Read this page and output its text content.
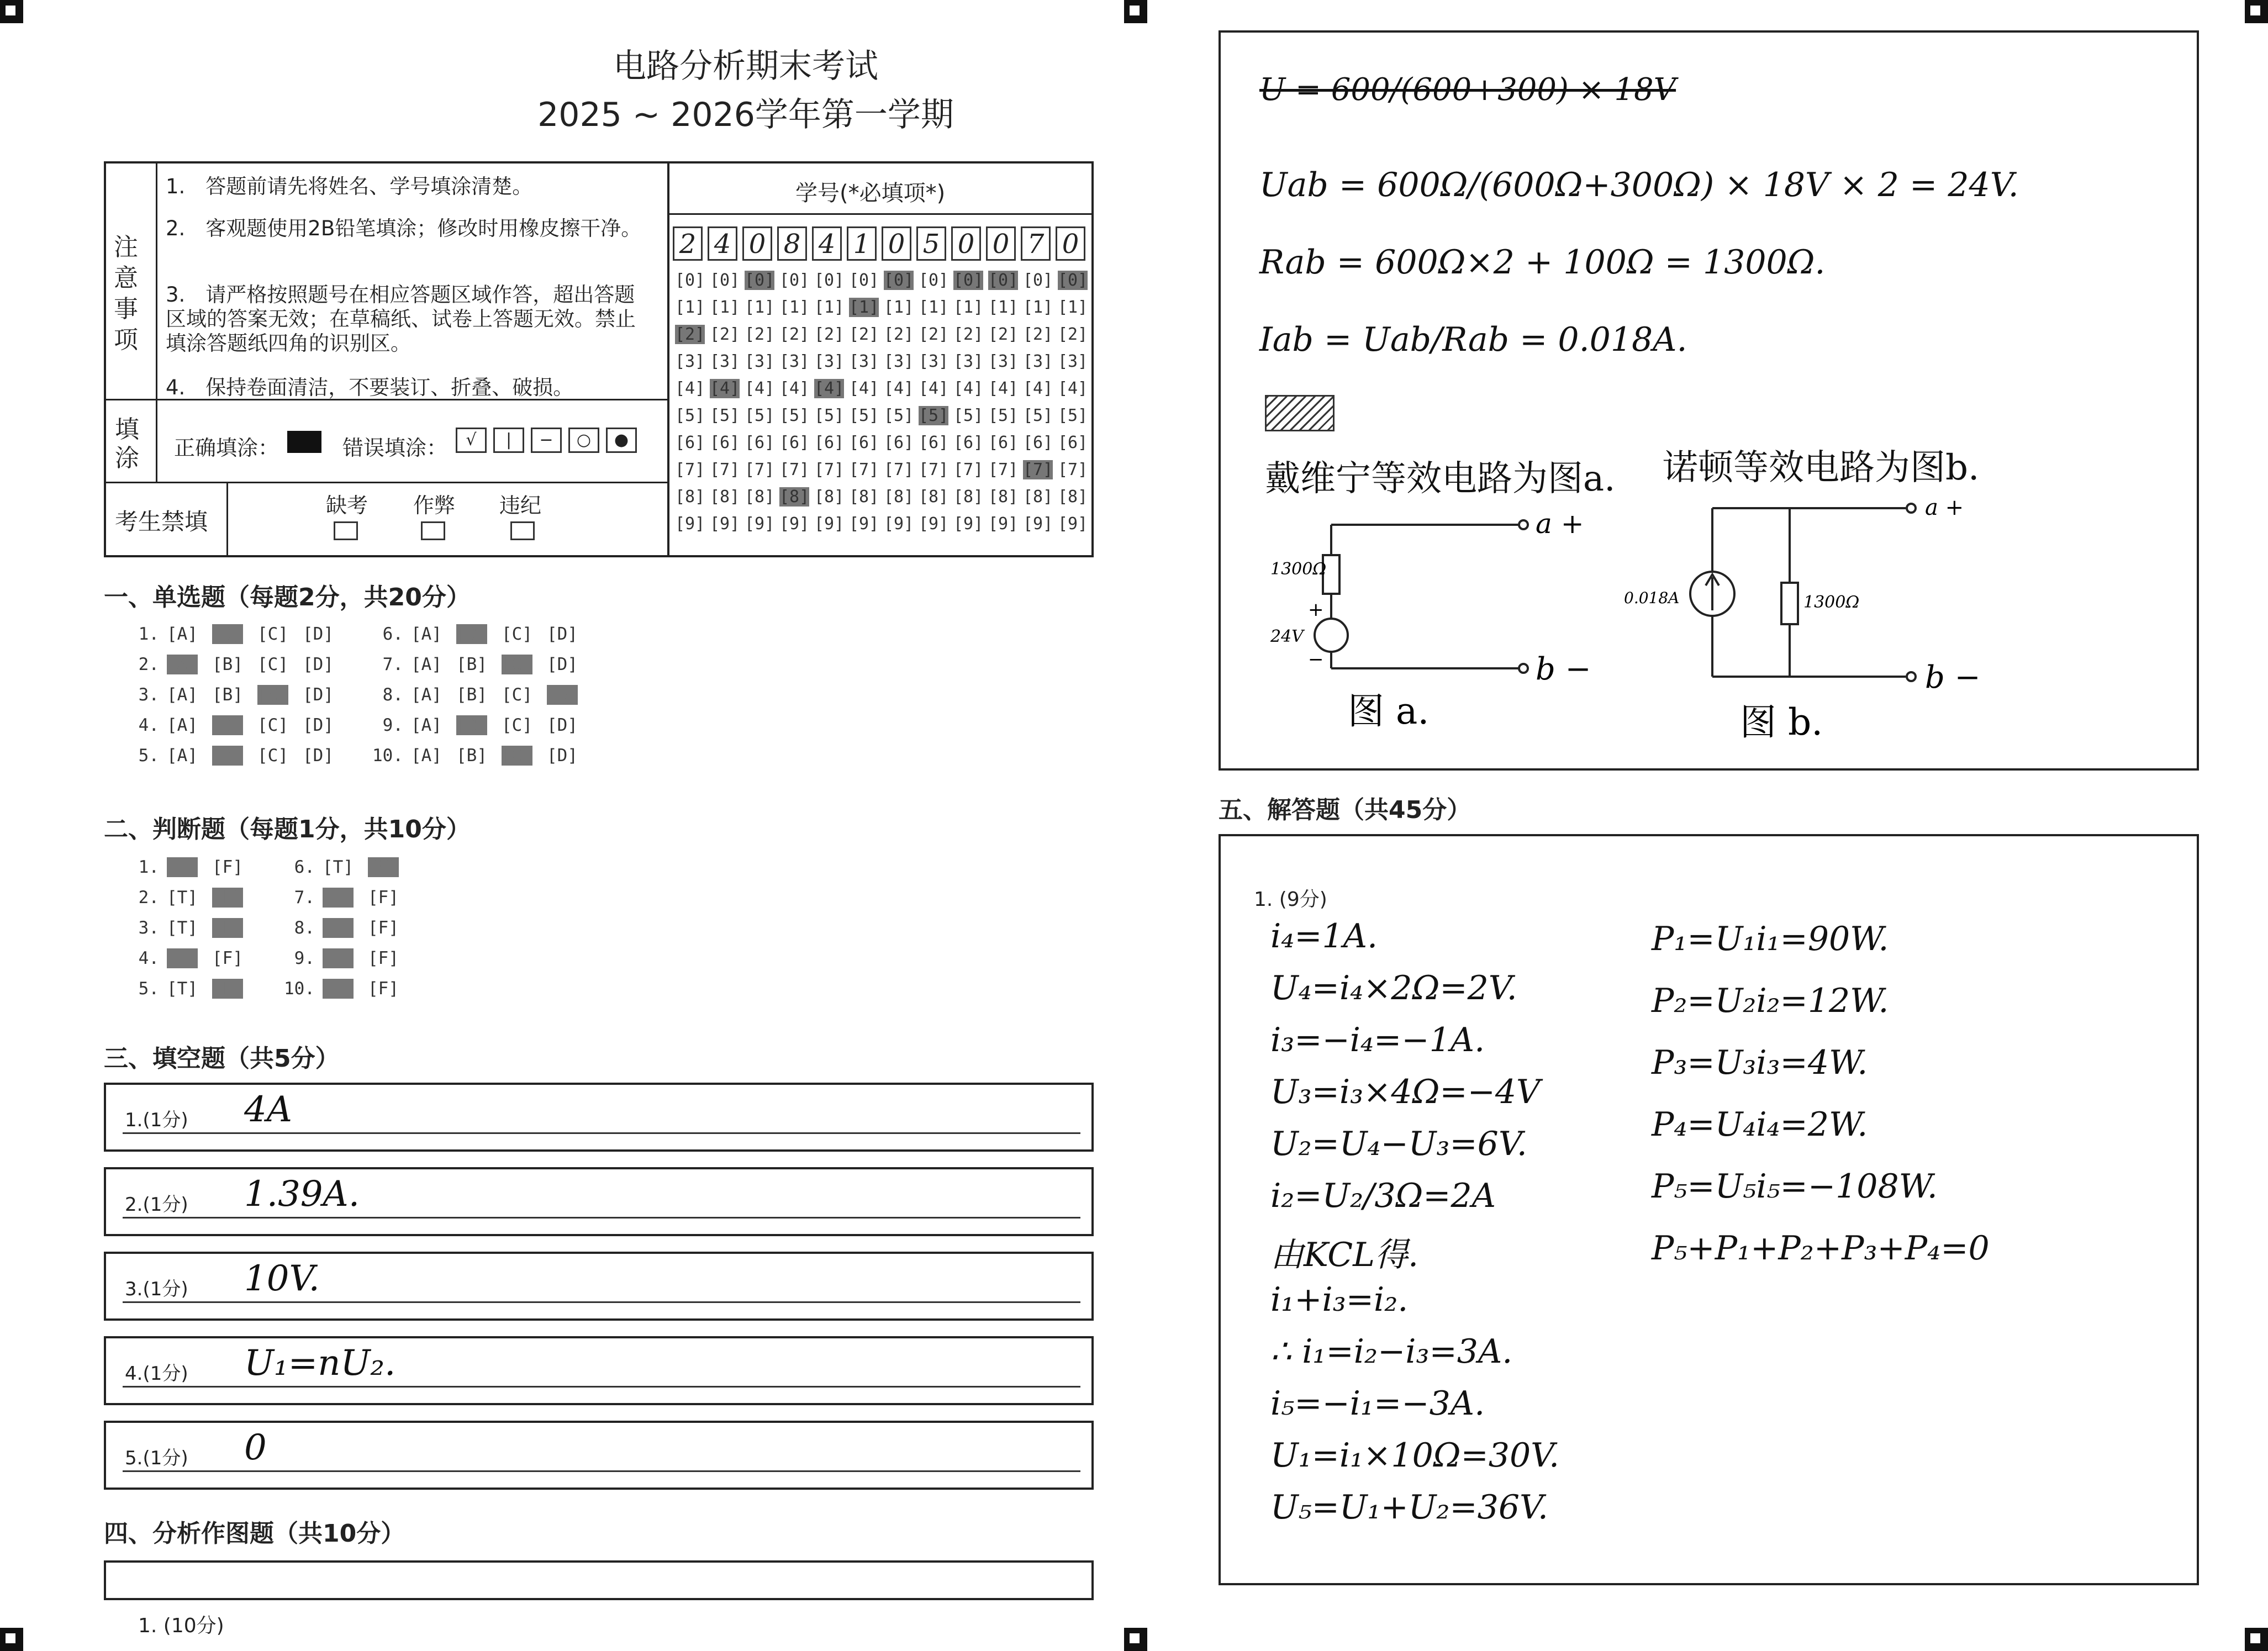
电路分析期末考试
2025 ~ 2026学年第一学期
注意事项
1.　答题前请先将姓名、学号填涂清楚。
2.　客观题使用2B铅笔填涂；修改时用橡皮擦干净。
3.　请严格按照题号在相应答题区域作答，超出答题区域的答案无效；在草稿纸、试卷上答题无效。禁止填涂答题纸四角的识别区。
4.　保持卷面清洁，不要装订、折叠、破损。
填涂 正确填涂：	错误填涂：	√ | − ○ ●
考生禁填
缺考 作弊 违纪
学号(*必填项*)
2 4 0 8 4 1 0 5 0 0 7 0
[0] [0] [0] [0] [0] [0] [0] [0] [0] [0] [0] [0]
[1] [1] [1] [1] [1] [1] [1] [1] [1] [1] [1] [1]
[2] [2] [2] [2] [2] [2] [2] [2] [2] [2] [2] [2]
[3] [3] [3] [3] [3] [3] [3] [3] [3] [3] [3] [3]
[4] [4] [4] [4] [4] [4] [4] [4] [4] [4] [4] [4]
[5] [5] [5] [5] [5] [5] [5] [5] [5] [5] [5] [5]
[6] [6] [6] [6] [6] [6] [6] [6] [6] [6] [6] [6]
[7] [7] [7] [7] [7] [7] [7] [7] [7] [7] [7] [7]
[8] [8] [8] [8] [8] [8] [8] [8] [8] [8] [8] [8]
[9] [9] [9] [9] [9] [9] [9] [9] [9] [9] [9] [9]
一、单选题（每题2分，共20分）
1. [A] [B] [C] [D]
2. [A] [B] [C] [D]
3. [A] [B] [C] [D]
4. [A] [B] [C] [D]
5. [A] [B] [C] [D]
6. [A] [B] [C] [D]
7. [A] [B] [C] [D]
8. [A] [B] [C] [D]
9. [A] [B] [C] [D]
10. [A] [B] [C] [D]
二、判断题（每题1分，共10分）
1. [T] [F]
2. [T] [F]
3. [T] [F]
4. [T] [F]
5. [T] [F]
6. [T] [F]
7. [T] [F]
8. [T] [F]
9. [T] [F]
10. [T] [F]
三、填空题（共5分）
1.(1分) 4A
2.(1分) 1.39A.
3.(1分) 10V.
4.(1分) U₁=nU₂.
5.(1分) 0
四、分析作图题（共10分）
1. (10分)
U = 600/(600+300) × 18V
Uab = 600Ω/(600Ω+300Ω) × 18V × 2 = 24V.
Rab = 600Ω×2 + 100Ω = 1300Ω.
Iab = Uab/Rab = 0.018A.
戴维宁等效电路为图a. 诺顿等效电路为图b.
a +
b −
1300Ω
+
24V
−
图 a.
a +
b −
0.018A	1300Ω
图 b.
五、解答题（共45分）
1. (9分)
i₄=1A.
U₄=i₄×2Ω=2V.
i₃=−i₄=−1A.
U₃=i₃×4Ω=−4V
U₂=U₄−U₃=6V.
i₂=U₂/3Ω=2A
由KCL得.
i₁+i₃=i₂.
∴ i₁=i₂−i₃=3A.
i₅=−i₁=−3A.
U₁=i₁×10Ω=30V.
U₅=U₁+U₂=36V.
P₁=U₁i₁=90W.
P₂=U₂i₂=12W.
P₃=U₃i₃=4W.
P₄=U₄i₄=2W.
P₅=U₅i₅=−108W.
P₅+P₁+P₂+P₃+P₄=0
